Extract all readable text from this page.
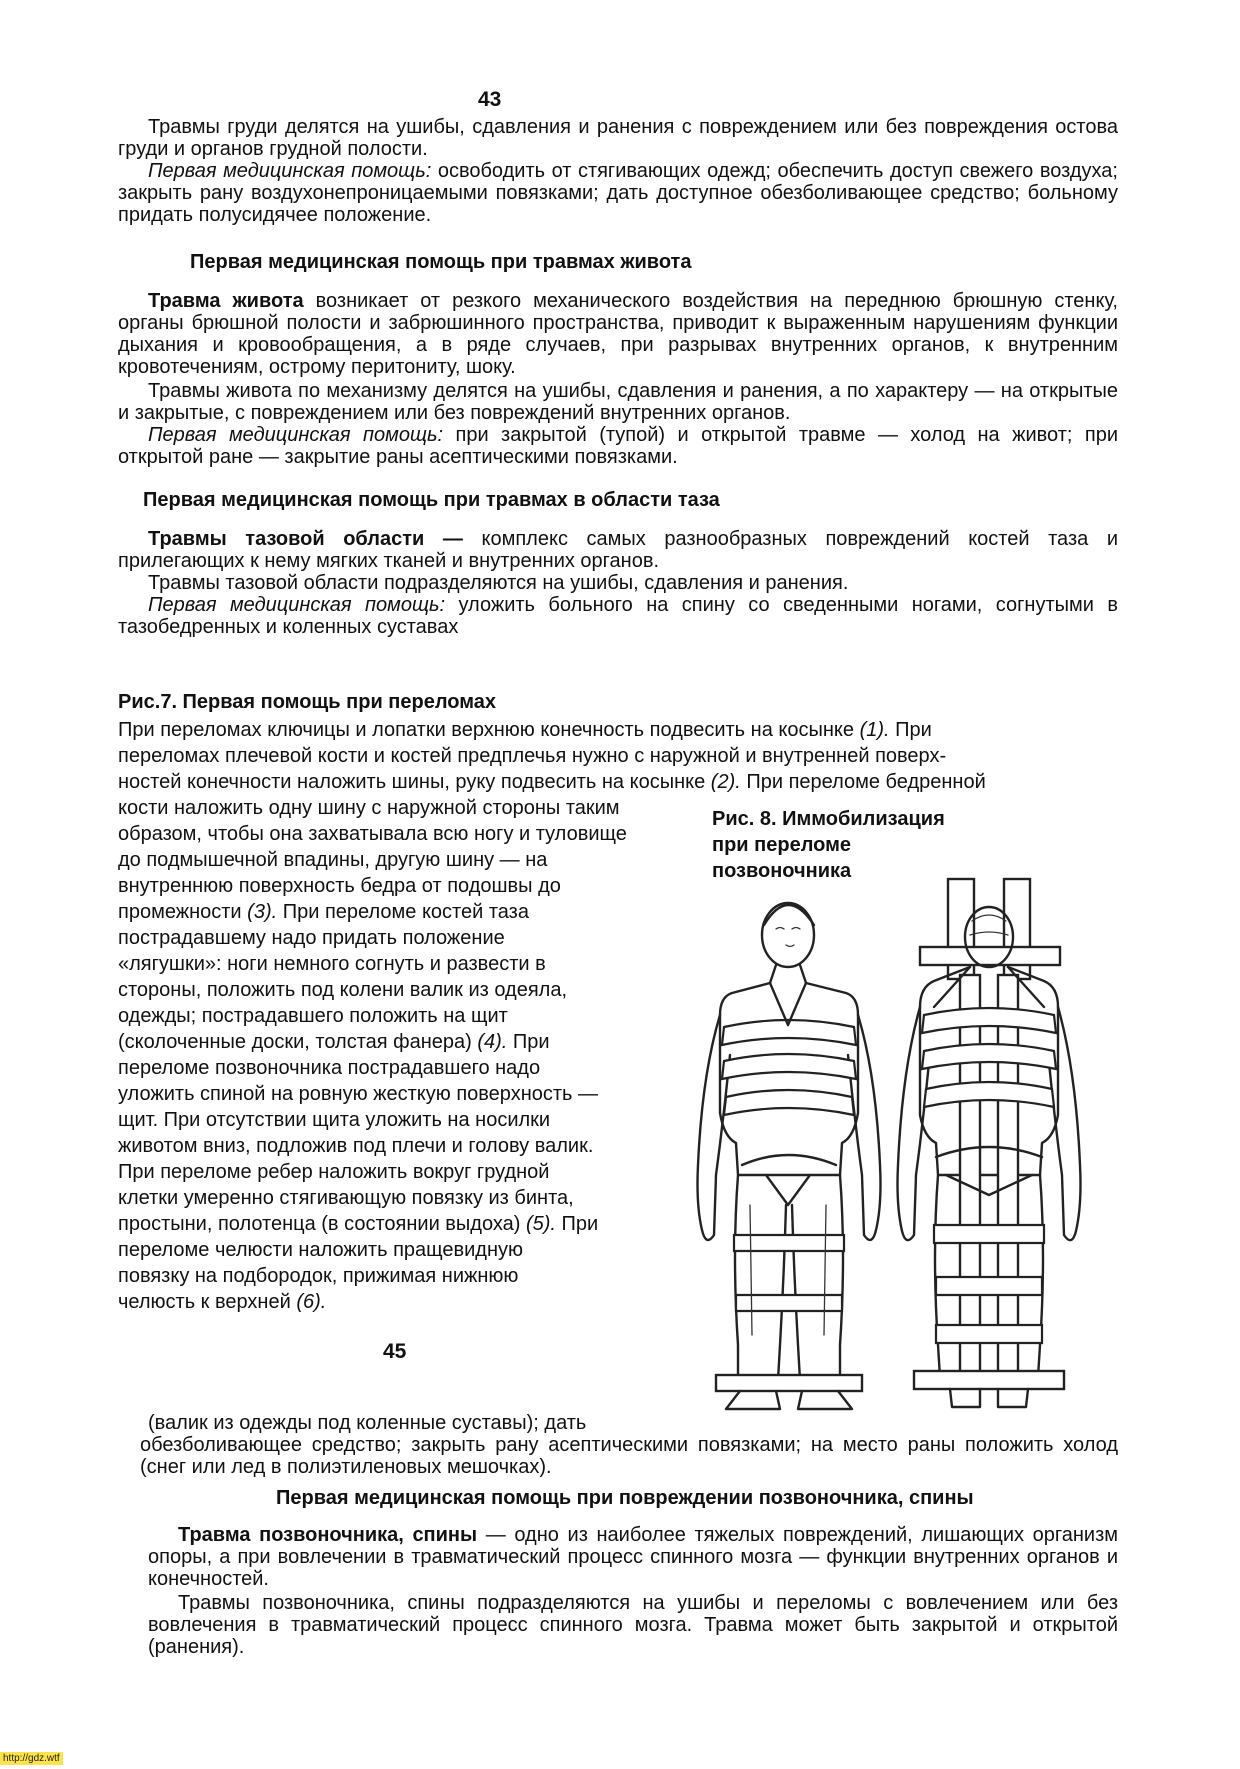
43

Травмы груди делятся на ушибы, сдавления и ранения с повреждением или без повреждения остова груди и органов грудной полости.

Первая медицинская помощь: освободить от стягивающих одежд; обеспечить доступ свежего воздуха; закрыть рану воздухонепроницаемыми повязками; дать доступное обезболивающее средство; больному придать полусидячее положение.

Первая медицинская помощь при травмах живота

Травма живота возникает от резкого механического воздействия на переднюю брюшную стенку, органы брюшной полости и забрюшинного пространства, приводит к выраженным нарушениям функции дыхания и кровообращения, а в ряде случаев, при разрывах внутренних органов, к внутренним кровотечениям, острому перитониту, шоку.

Травмы живота по механизму делятся на ушибы, сдавления и ранения, а по характеру — на открытые и закрытые, с повреждением или без повреждений внутренних органов.

Первая медицинская помощь: при закрытой (тупой) и открытой травме — холод на живот; при открытой ране — закрытие раны асептическими повязками.

Первая медицинская помощь при травмах в области таза

Травмы тазовой области — комплекс самых разнообразных повреждений костей таза и прилегающих к нему мягких тканей и внутренних органов.

Травмы тазовой области подразделяются на ушибы, сдавления и ранения.

Первая медицинская помощь: уложить больного на спину со сведенными ногами, согнутыми в тазобедренных и коленных суставах

Рис.7. Первая помощь при переломах

При переломах ключицы и лопатки верхнюю конечность подвесить на косынке (1). При

переломах плечевой кости и костей предплечья нужно с наружной и внутренней поверх-

ностей конечности наложить шины, руку подвесить на косынке (2). При переломе бедренной

кости наложить одну шину с наружной стороны таким

образом, чтобы она захватывала всю ногу и туловище

до подмышечной впадины, другую шину — на

внутреннюю поверхность бедра от подошвы до

промежности (3). При переломе костей таза

пострадавшему надо придать положение

«лягушки»: ноги немного согнуть и развести в

стороны, положить под колени валик из одеяла,

одежды; пострадавшего положить на щит

(сколоченные доски, толстая фанера) (4). При

переломе позвоночника пострадавшего надо

уложить спиной на ровную жесткую поверхность —

щит. При отсутствии щита уложить на носилки

животом вниз, подложив под плечи и голову валик.

При переломе ребер наложить вокруг грудной

клетки умеренно стягивающую повязку из бинта,

простыни, полотенца (в состоянии выдоха) (5). При

переломе челюсти наложить пращевидную

повязку на подбородок, прижимая нижнюю

челюсть к верхней (6).

Рис. 8. Иммобилизация
при переломе
позвоночника
45
(валик из одежды под коленные суставы); дать

обезболивающее средство; закрыть рану асептическими повязками; на место раны положить холод (снег или лед в полиэтиленовых мешочках).

Первая медицинская помощь при повреждении позвоночника, спины

Травма позвоночника, спины — одно из наиболее тяжелых повреждений, лишающих организм опоры, а при вовлечении в травматический процесс спинного мозга — функции внутренних органов и конечностей.

Травмы позвоночника, спины подразделяются на ушибы и переломы с вовлечением или без вовлечения в травматический процесс спинного мозга. Травма может быть закрытой и открытой (ранения).

http://gdz.wtf
